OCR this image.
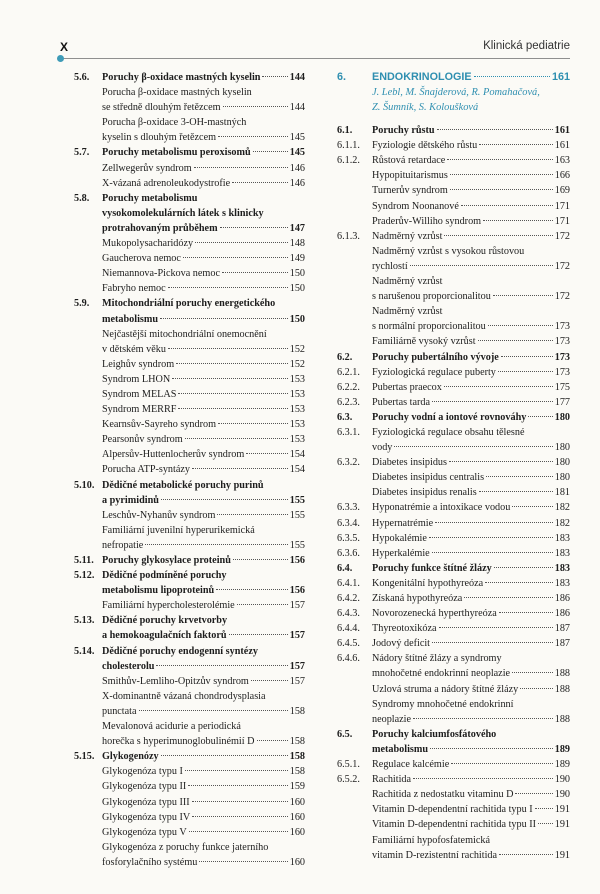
X	Klinická pediatrie
5.6. Poruchy β-oxidace mastných kyselin	144
Porucha β-oxidace mastných kyselin
se středně dlouhým řetězcem	144
Porucha β-oxidace 3-OH-mastných
kyselin s dlouhým řetězcem	145
5.7. Poruchy metabolismu peroxisomů	145
Zellwegerův syndrom	146
X-vázaná adrenoleukodystrofie	146
5.8. Poruchy metabolismu
vysokomolekulárních látek s klinicky
protrahovaným průběhem	147
Mukopolysacharidózy	148
Gaucherova nemoc	149
Niemannova-Pickova nemoc	150
Fabryho nemoc	150
5.9. Mitochondriální poruchy energetického
metabolismu	150
Nejčastější mitochondriální onemocnění
v dětském věku	152
Leighův syndrom	152
Syndrom LHON	153
Syndrom MELAS	153
Syndrom MERRF	153
Kearnsův-Sayreho syndrom	153
Pearsonův syndrom	153
Alpersův-Huttenlocherův syndrom	154
Porucha ATP-syntázy	154
5.10. Dědičné metabolické poruchy purinů
a pyrimidinů	155
Leschův-Nyhanův syndrom	155
Familiární juvenilní hyperurikemická
nefropatie	155
5.11. Poruchy glykosylace proteinů	156
5.12. Dědičné podmíněné poruchy
metabolismu lipoproteinů	156
Familiární hypercholesterolémie	157
5.13. Dědičné poruchy krvetvorby
a hemokoagulačních faktorů	157
5.14. Dědičné poruchy endogenní syntézy
cholesterolu	157
Smithův-Lemliho-Opitzův syndrom	157
X-dominantně vázaná chondrodysplasia
punctata	158
Mevalonová acidurie a periodická
horečka s hyperimunoglobulinémií D	158
5.15. Glykogenózy	158
Glykogenóza typu I	158
Glykogenóza typu II	159
Glykogenóza typu III	160
Glykogenóza typu IV	160
Glykogenóza typu V	160
Glykogenóza z poruchy funkce jaterního
fosforylačního systému	160
6. ENDOKRINOLOGIE	161
J. Lebl, M. Šnajderová, R. Pomahačová,
Z. Šumník, S. Koloušková
6.1. Poruchy růstu	161
6.1.1. Fyziologie dětského růstu	161
6.1.2. Růstová retardace	163
Hypopituitarismus	166
Turnerův syndrom	169
Syndrom Noonanové	171
Praderův-Williho syndrom	171
6.1.3. Nadměrný vzrůst	172
Nadměrný vzrůst s vysokou růstovou
rychlostí	172
Nadměrný vzrůst
s narušenou proporcionalitou	172
Nadměrný vzrůst
s normální proporcionalitou	173
Familiárně vysoký vzrůst	173
6.2. Poruchy pubertálního vývoje	173
6.2.1. Fyziologická regulace puberty	173
6.2.2. Pubertas praecox	175
6.2.3. Pubertas tarda	177
6.3. Poruchy vodní a iontové rovnováhy	180
6.3.1. Fyziologická regulace obsahu tělesné
vody	180
6.3.2. Diabetes insipidus	180
Diabetes insipidus centralis	180
Diabetes insipidus renalis	181
6.3.3. Hyponatrémie a intoxikace vodou	182
6.3.4. Hypernatrémie	182
6.3.5. Hypokalémie	183
6.3.6. Hyperkalémie	183
6.4. Poruchy funkce štítné žlázy	183
6.4.1. Kongenitální hypothyreóza	183
6.4.2. Získaná hypothyreóza	186
6.4.3. Novorozenecká hyperthyreóza	186
6.4.4. Thyreotoxikóza	187
6.4.5. Jodový deficit	187
6.4.6. Nádory štítné žlázy a syndromy
mnohočetné endokrinní neoplazie	188
Uzlová struma a nádory štítné žlázy	188
Syndromy mnohočetné endokrinní
neoplazie	188
6.5. Poruchy kalciumfosfátového
metabolismu	189
6.5.1. Regulace kalcémie	189
6.5.2. Rachitida	190
Rachitida z nedostatku vitaminu D	190
Vitamin D-dependentní rachitida typu I 191
Vitamin D-dependentní rachitida typu II 191
Familiární hypofosfatemická
vitamin D-rezistentní rachitida	191
